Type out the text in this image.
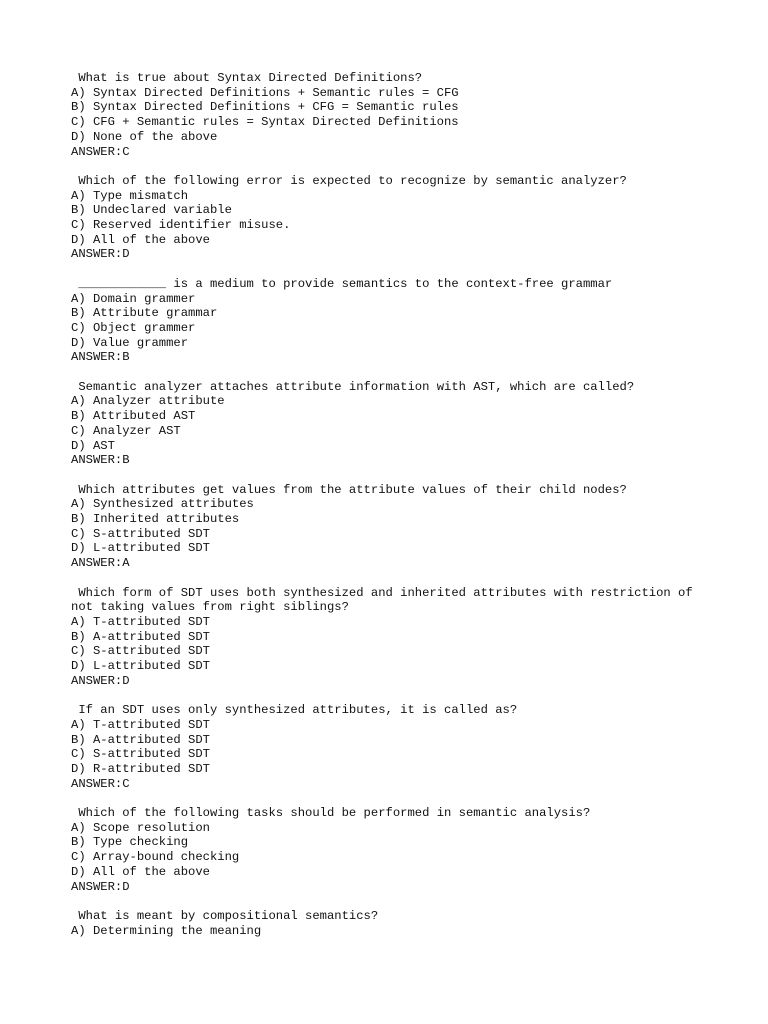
What is true about Syntax Directed Definitions?
A) Syntax Directed Definitions + Semantic rules = CFG
B) Syntax Directed Definitions + CFG = Semantic rules
C) CFG + Semantic rules = Syntax Directed Definitions
D) None of the above
ANSWER:C
Which of the following error is expected to recognize by semantic analyzer?
A) Type mismatch
B) Undeclared variable
C) Reserved identifier misuse.
D) All of the above
ANSWER:D
____________ is a medium to provide semantics to the context-free grammar
A) Domain grammer
B) Attribute grammar
C) Object grammer
D) Value grammer
ANSWER:B
Semantic analyzer attaches attribute information with AST, which are called?
A) Analyzer attribute
B) Attributed AST
C) Analyzer AST
D) AST
ANSWER:B
Which attributes get values from the attribute values of their child nodes?
A) Synthesized attributes
B) Inherited attributes
C) S-attributed SDT
D) L-attributed SDT
ANSWER:A
Which form of SDT uses both synthesized and inherited attributes with restriction of not taking values from right siblings?
A) T-attributed SDT
B) A-attributed SDT
C) S-attributed SDT
D) L-attributed SDT
ANSWER:D
If an SDT uses only synthesized attributes, it is called as?
A) T-attributed SDT
B) A-attributed SDT
C) S-attributed SDT
D) R-attributed SDT
ANSWER:C
Which of the following tasks should be performed in semantic analysis?
A) Scope resolution
B) Type checking
C) Array-bound checking
D) All of the above
ANSWER:D
What is meant by compositional semantics?
A) Determining the meaning
